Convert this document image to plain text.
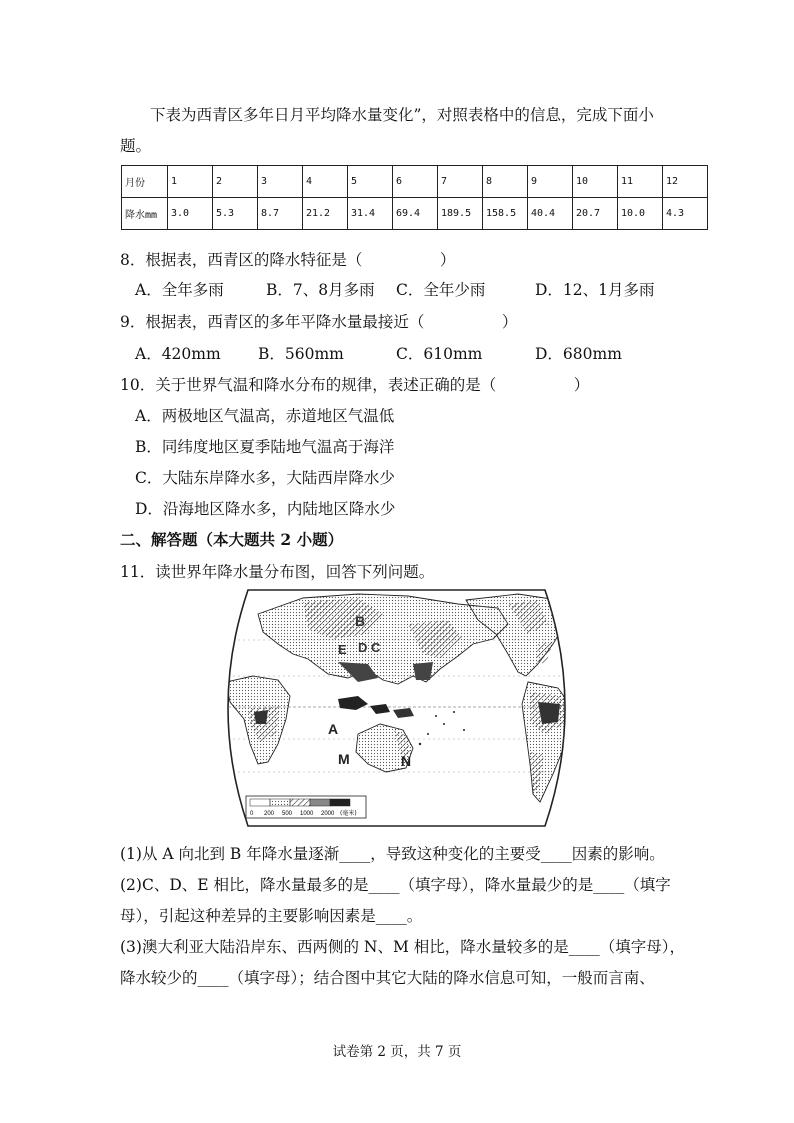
下表为西青区多年日月平均降水量变化”，对照表格中的信息，完成下面小题。
月份	1	2	3	4	5	6	7	8	9	10	11	12
降水mm	3.0	5.3	8.7	21.2	31.4	69.4	189.5	158.5	40.4	20.7	10.0	4.3
8．根据表，西青区的降水特征是（　　　　　）
A．全年多雨	B．7、8月多雨 C．全年少雨	D．12、1月多雨
9．根据表，西青区的多年平降水量最接近（　　　　　）
A．420mm B．560mm	C．610mm	D．680mm
10．关于世界气温和降水分布的规律，表述正确的是（　　　　　）
A．两极地区气温高，赤道地区气温低
B．同纬度地区夏季陆地气温高于海洋
C．大陆东岸降水多，大陆西岸降水少
D．沿海地区降水多，内陆地区降水少
二、解答题（本大题共 2 小题）
11．读世界年降水量分布图，回答下列问题。
B
E D C
F
A
M	N
0 200 500 1000 2000 (毫米)
(1)从 A 向北到 B 年降水量逐渐____，导致这种变化的主要受____因素的影响。
(2)C、D、E 相比，降水量最多的是____（填字母），降水量最少的是____（填字
母），引起这种差异的主要影响因素是____。
(3)澳大利亚大陆沿岸东、西两侧的 N、M 相比，降水量较多的是____（填字母），
降水较少的____（填字母）；结合图中其它大陆的降水信息可知，一般而言南、
试卷第 2 页，共 7 页
